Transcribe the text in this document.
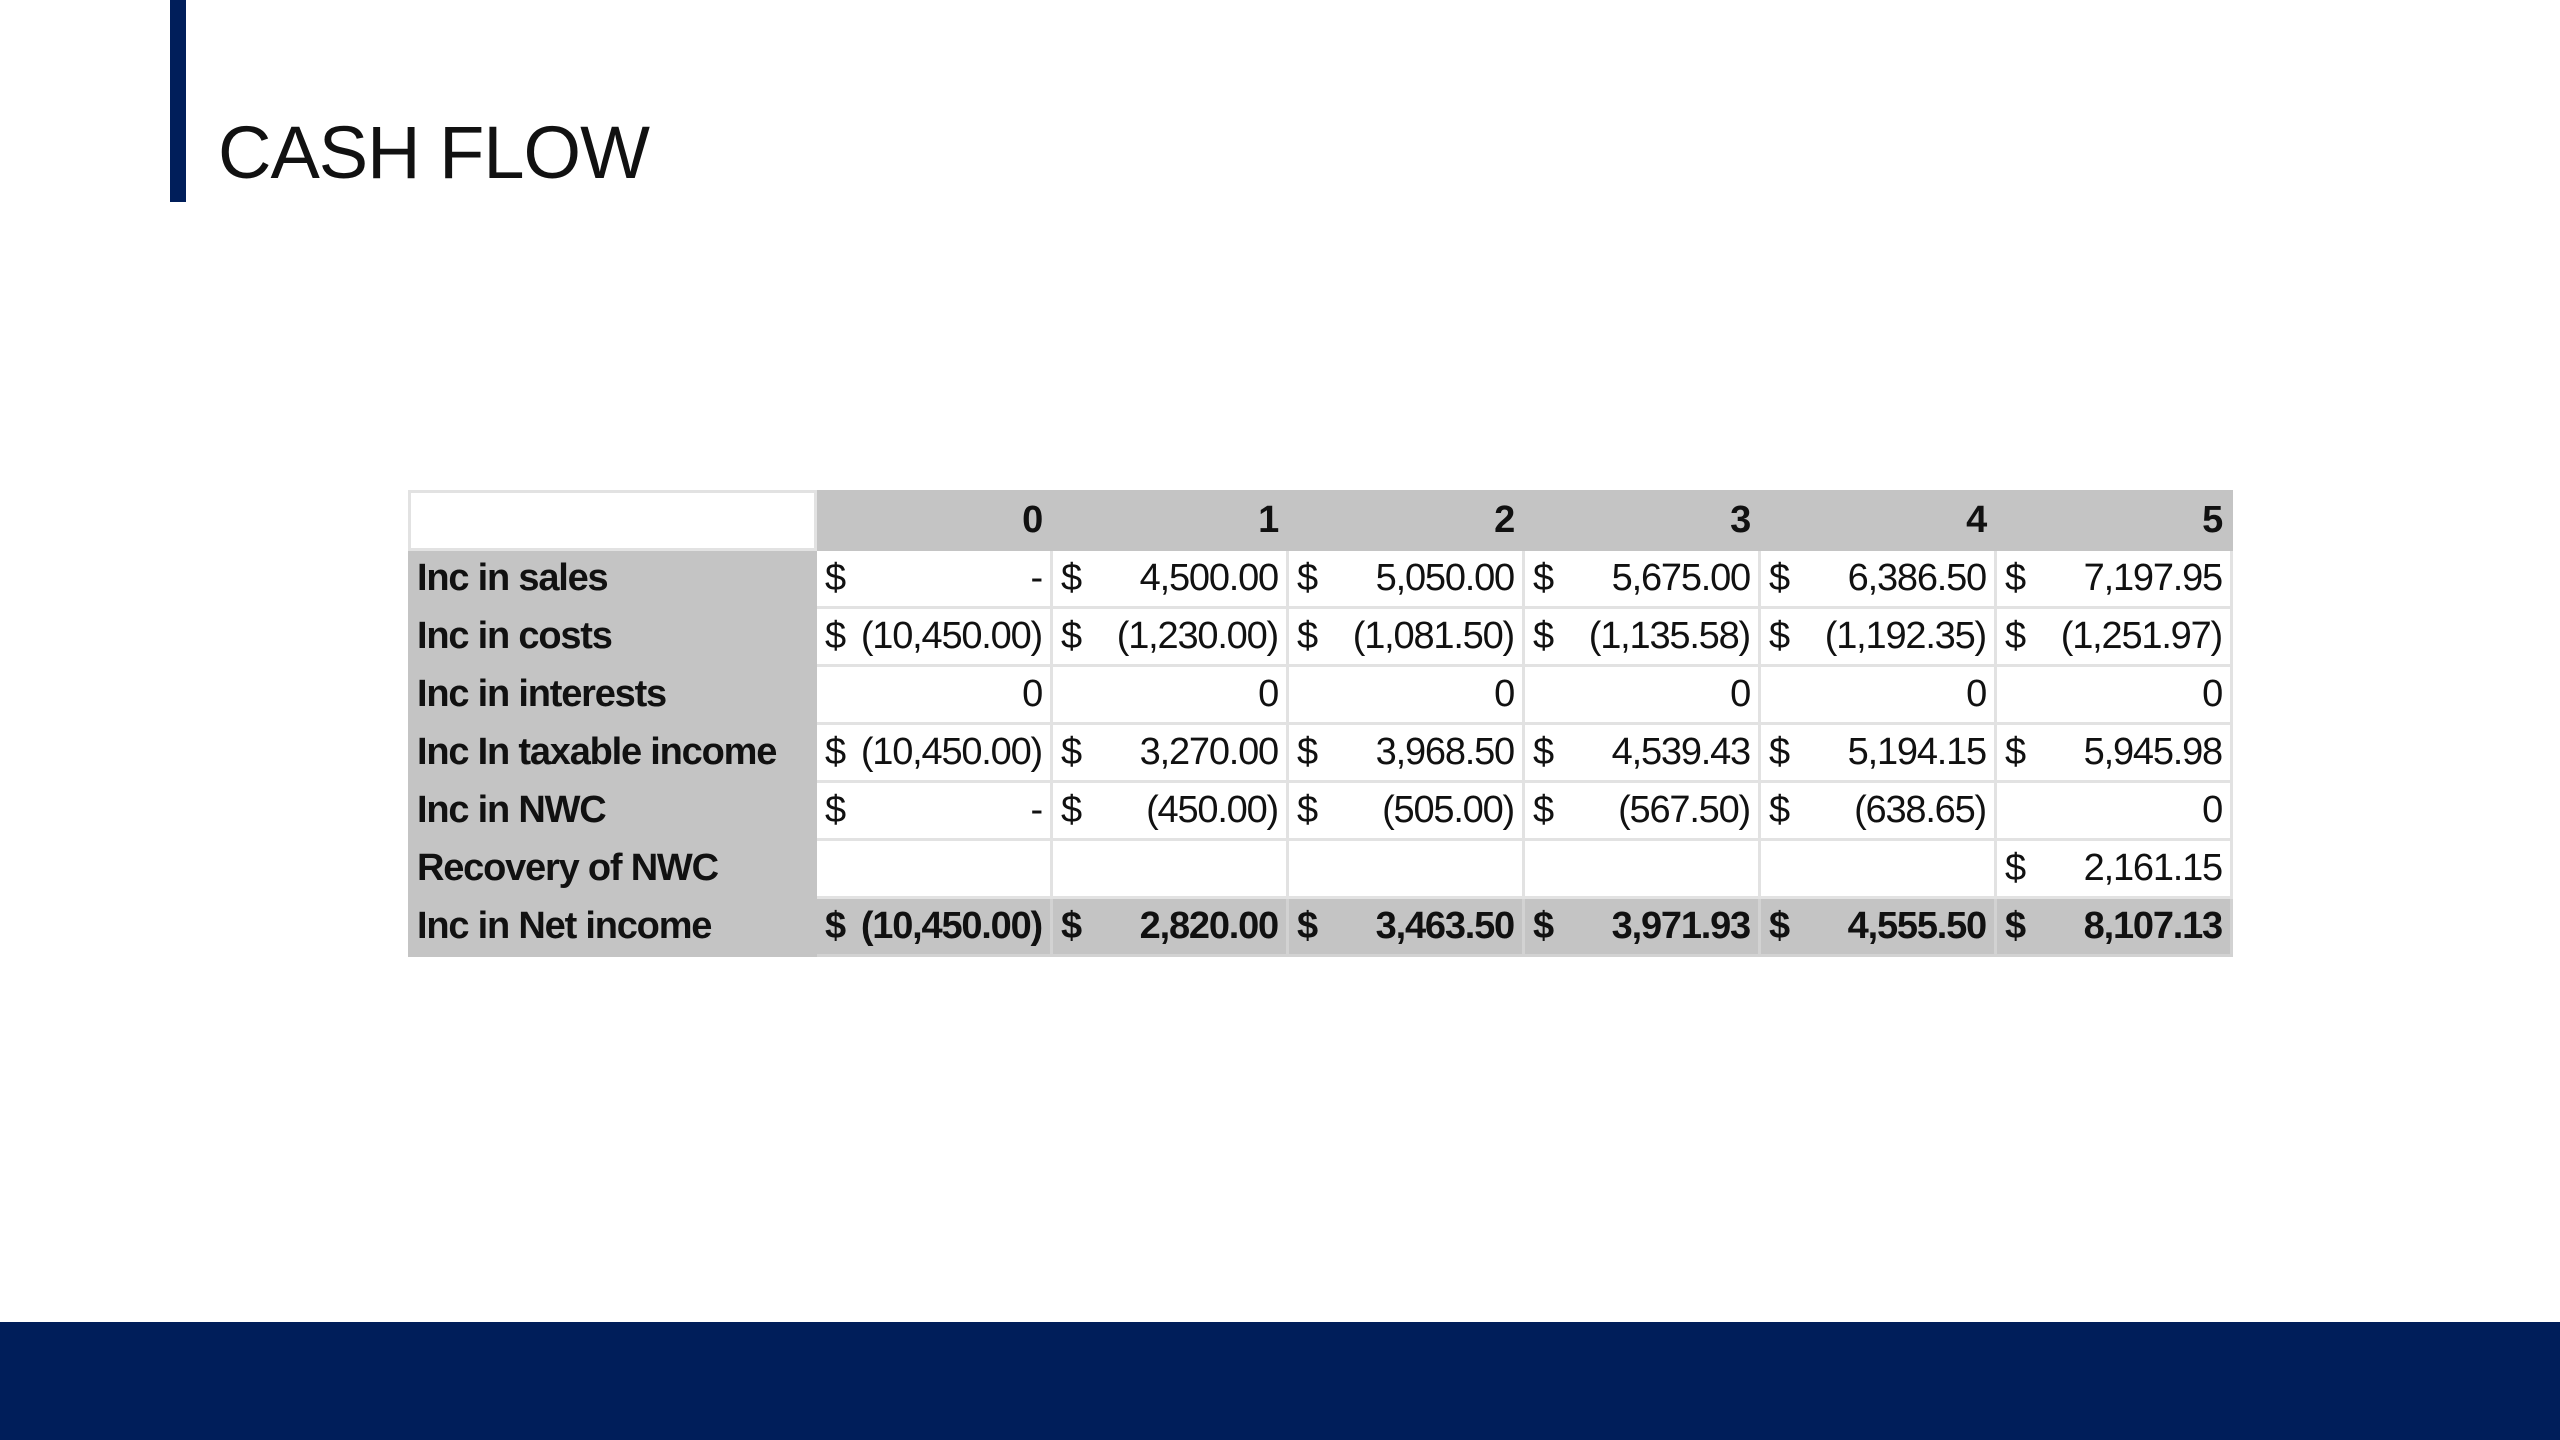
CASH FLOW
	0	1	2	3	4	5
Inc in sales	$ -	$ 4,500.00	$ 5,050.00	$ 5,675.00	$ 6,386.50	$ 7,197.95

Inc in costs	$ (10,450.00)	$ (1,230.00)	$ (1,081.50)	$ (1,135.58)	$ (1,192.35)	$ (1,251.97)

Inc in interests	0	0	0	0	0	0

Inc In taxable income	$ (10,450.00)	$ 3,270.00	$ 3,968.50	$ 4,539.43	$ 5,194.15	$ 5,945.98

Inc in NWC	$ -	$ (450.00)	$ (505.00)	$ (567.50)	$ (638.65)	0

Recovery of NWC						$ 2,161.15

Inc in Net income	$ (10,450.00)	$ 2,820.00	$ 3,463.50	$ 3,971.93	$ 4,555.50	$ 8,107.13
